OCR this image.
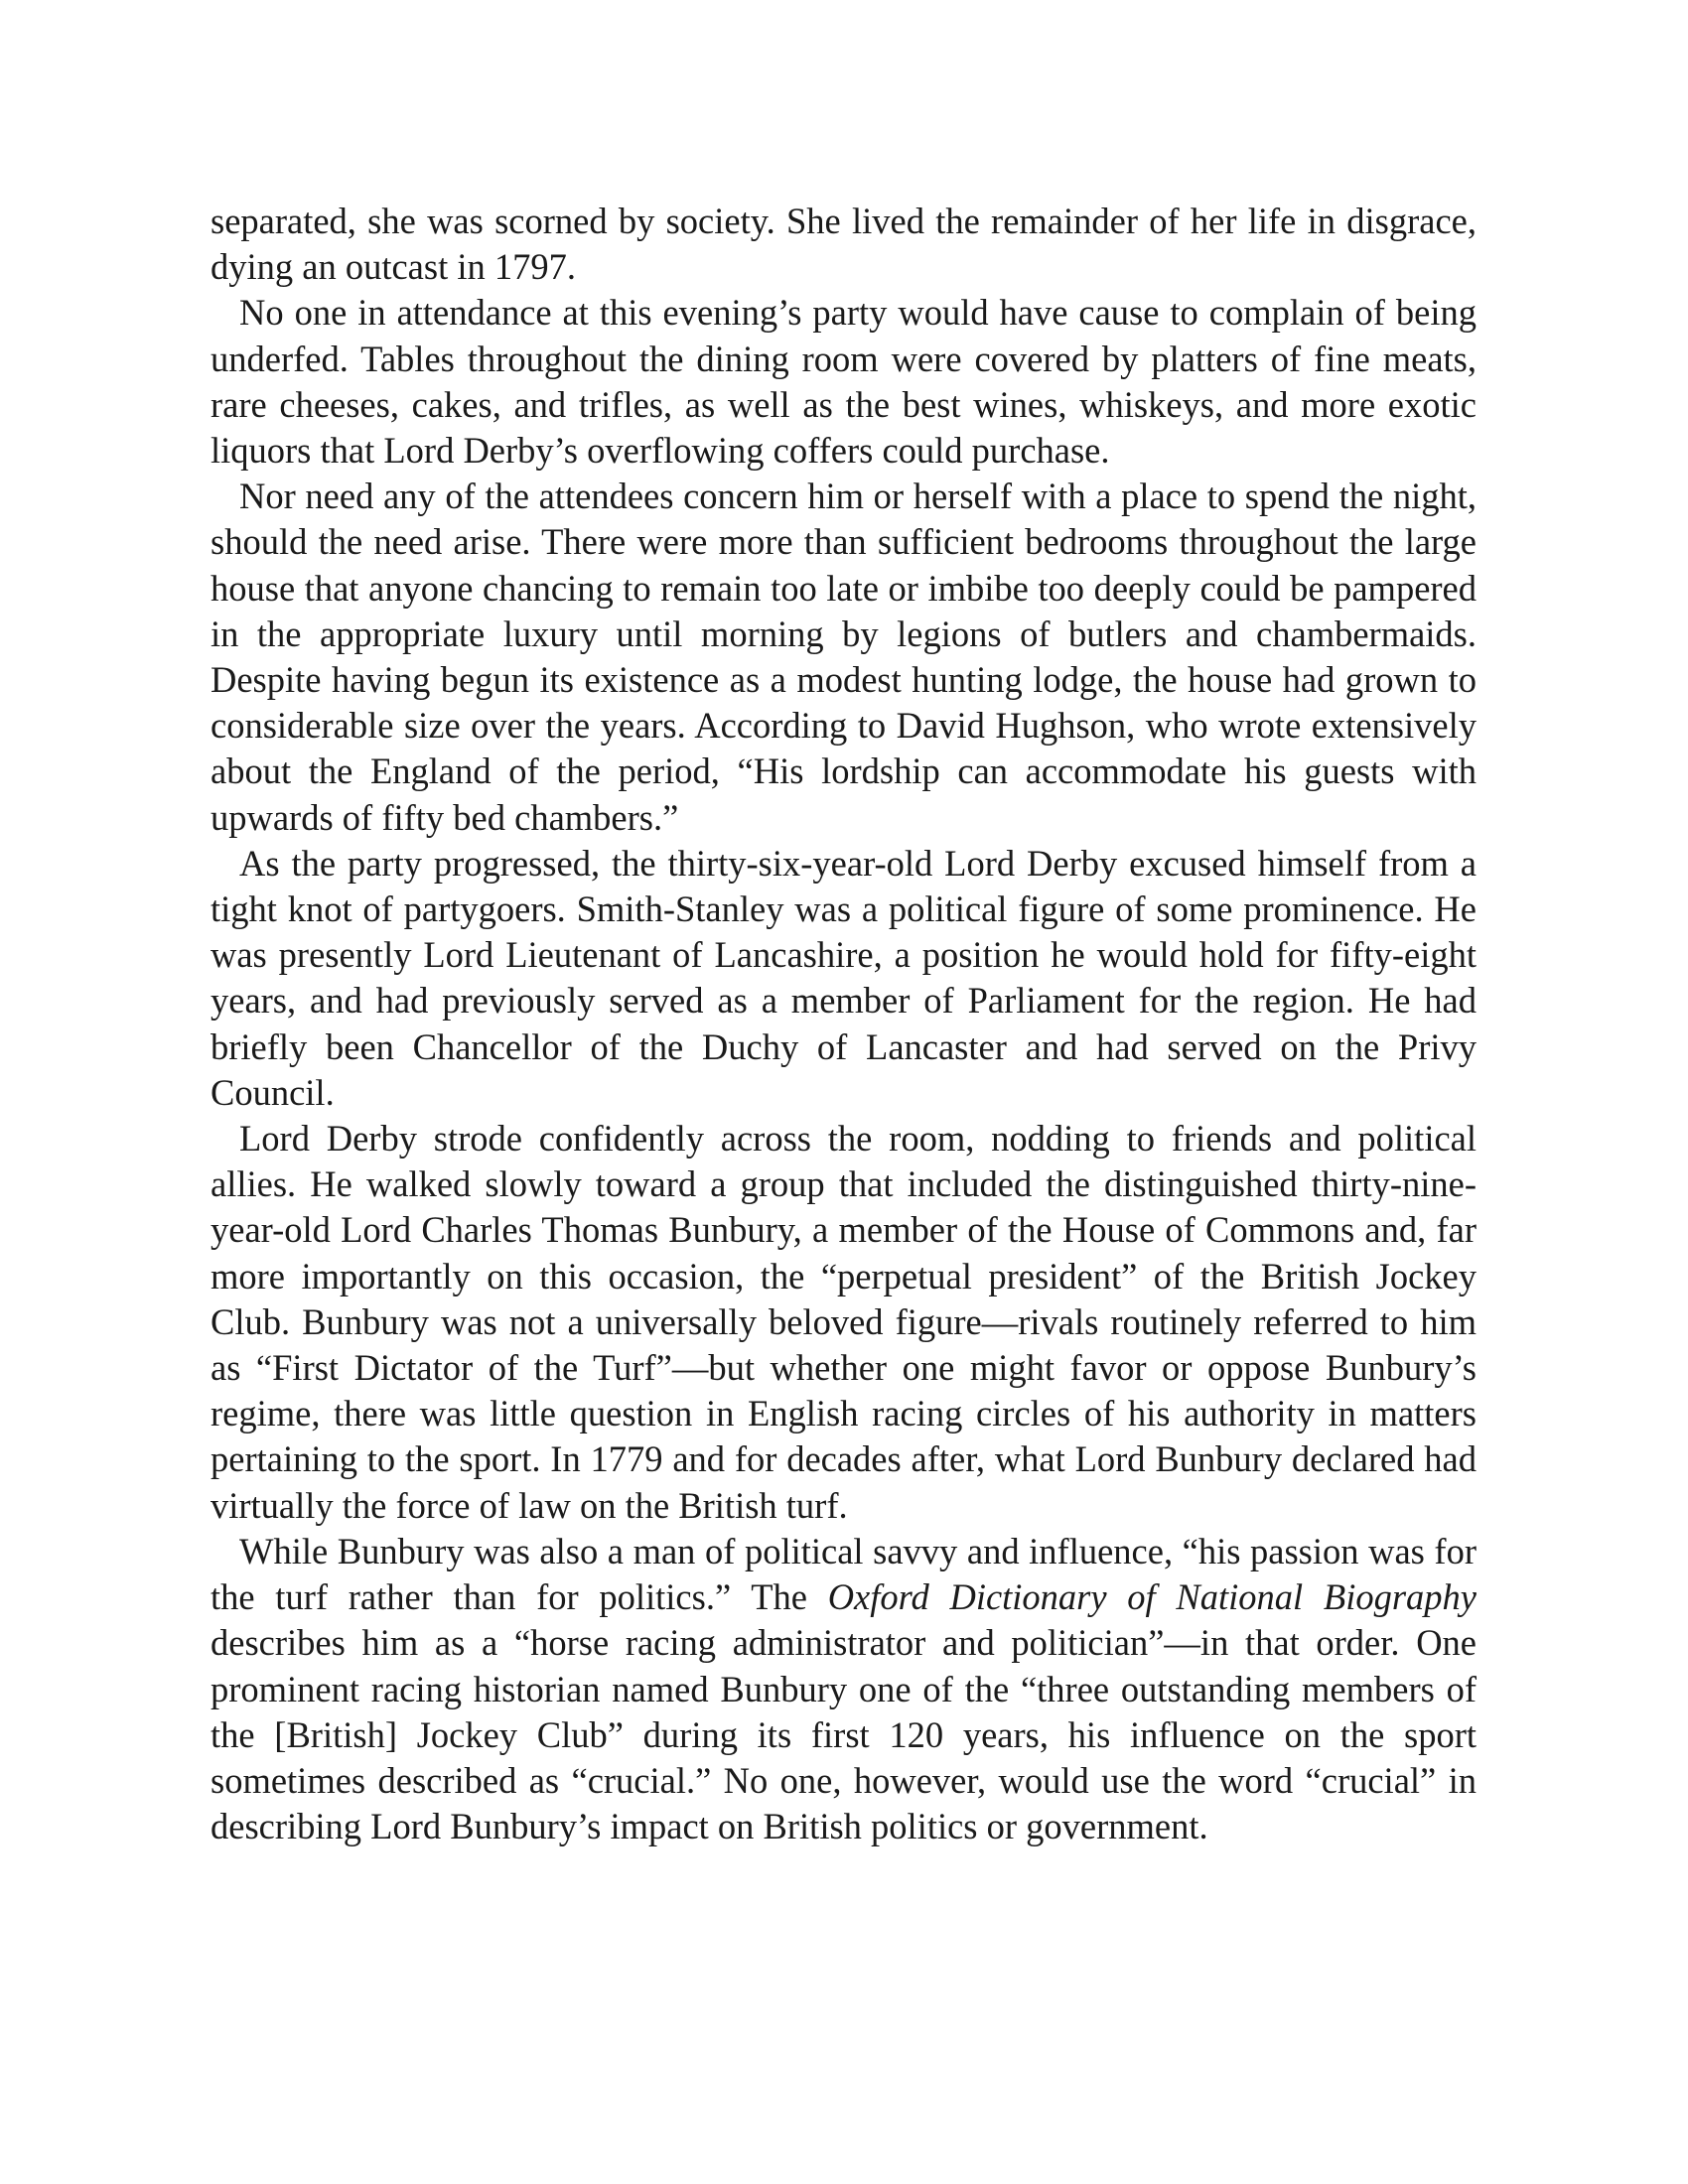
separated, she was scorned by society. She lived the remainder of her life in disgrace, dying an outcast in 1797.

No one in attendance at this evening’s party would have cause to complain of being underfed. Tables throughout the dining room were covered by platters of fine meats, rare cheeses, cakes, and trifles, as well as the best wines, whiskeys, and more exotic liquors that Lord Derby’s overflowing coffers could purchase.

Nor need any of the attendees concern him or herself with a place to spend the night, should the need arise. There were more than sufficient bedrooms throughout the large house that anyone chancing to remain too late or imbibe too deeply could be pampered in the appropriate luxury until morning by legions of butlers and chambermaids. Despite having begun its existence as a modest hunting lodge, the house had grown to considerable size over the years. According to David Hughson, who wrote extensively about the England of the period, “His lordship can accommodate his guests with upwards of fifty bed chambers.”

As the party progressed, the thirty-six-year-old Lord Derby excused himself from a tight knot of partygoers. Smith-Stanley was a political figure of some prominence. He was presently Lord Lieutenant of Lancashire, a position he would hold for fifty-eight years, and had previously served as a member of Parliament for the region. He had briefly been Chancellor of the Duchy of Lancaster and had served on the Privy Council.

Lord Derby strode confidently across the room, nodding to friends and political allies. He walked slowly toward a group that included the distinguished thirty-nine-year-old Lord Charles Thomas Bunbury, a member of the House of Commons and, far more importantly on this occasion, the “perpetual president” of the British Jockey Club. Bunbury was not a universally beloved figure—rivals routinely referred to him as “First Dictator of the Turf”—but whether one might favor or oppose Bunbury’s regime, there was little question in English racing circles of his authority in matters pertaining to the sport. In 1779 and for decades after, what Lord Bunbury declared had virtually the force of law on the British turf.

While Bunbury was also a man of political savvy and influence, “his passion was for the turf rather than for politics.” The Oxford Dictionary of National Biography describes him as a “horse racing administrator and politician”—in that order. One prominent racing historian named Bunbury one of the “three outstanding members of the [British] Jockey Club” during its first 120 years, his influence on the sport sometimes described as “crucial.” No one, however, would use the word “crucial” in describing Lord Bunbury’s impact on British politics or government.
